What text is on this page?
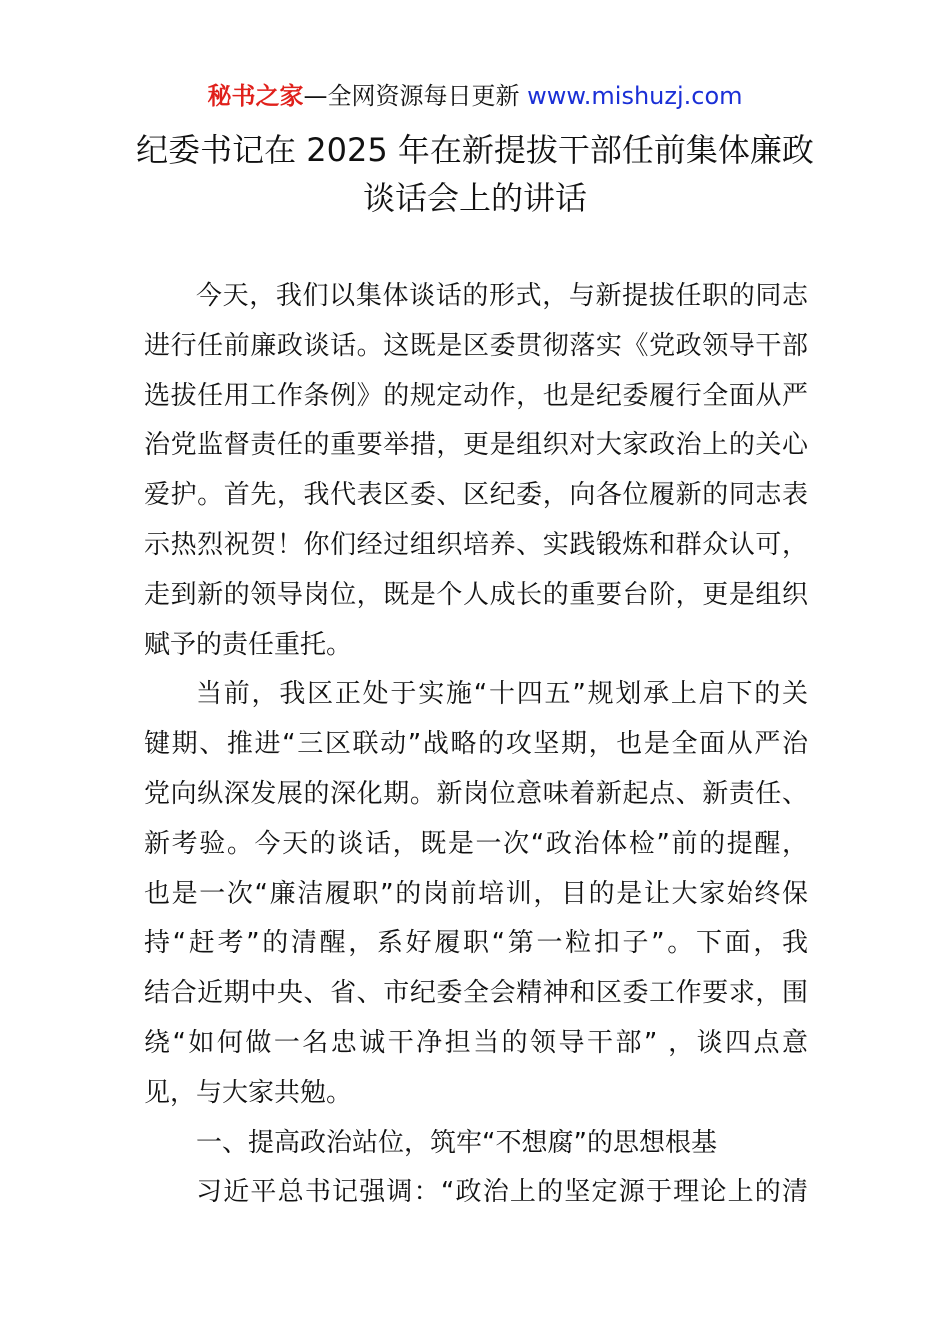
秘书之家—全网资源每日更新 www.mishuzj.com
纪委书记在 2025 年在新提拔干部任前集体廉政
谈话会上的讲话
今天，我们以集体谈话的形式，与新提拔任职的同志
进行任前廉政谈话。这既是区委贯彻落实《党政领导干部
选拔任用工作条例》的规定动作，也是纪委履行全面从严
治党监督责任的重要举措，更是组织对大家政治上的关心
爱护。首先，我代表区委、区纪委，向各位履新的同志表
示热烈祝贺！你们经过组织培养、实践锻炼和群众认可，
走到新的领导岗位，既是个人成长的重要台阶，更是组织
赋予的责任重托。
当前，我区正处于实施“十四五”规划承上启下的关
键期、推进“三区联动”战略的攻坚期，也是全面从严治
党向纵深发展的深化期。新岗位意味着新起点、新责任、
新考验。今天的谈话，既是一次“政治体检”前的提醒，
也是一次“廉洁履职”的岗前培训，目的是让大家始终保
持“赶考”的清醒，系好履职“第一粒扣子”。下面，我
结合近期中央、省、市纪委全会精神和区委工作要求，围
绕“如何做一名忠诚干净担当的领导干部” ，谈四点意
见，与大家共勉。
一、提高政治站位，筑牢“不想腐”的思想根基
习近平总书记强调：“政治上的坚定源于理论上的清
